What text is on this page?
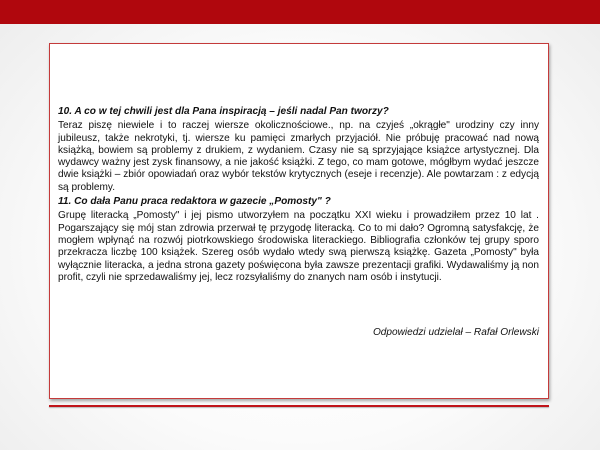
10. A co w tej chwili jest dla Pana inspiracją – jeśli nadal Pan tworzy?

Teraz piszę niewiele i to raczej wiersze okolicznościowe., np. na czyjeś „okrągłe" urodziny czy inny jubileusz, także nekrotyki, tj. wiersze ku pamięci zmarłych przyjaciół. Nie próbuję pracować nad nową książką, bowiem są problemy z drukiem, z wydaniem. Czasy nie są sprzyjające książce artystycznej. Dla wydawcy ważny jest zysk finansowy, a nie jakość książki. Z tego, co mam gotowe, mógłbym wydać jeszcze dwie książki – zbiór opowiadań oraz wybór tekstów krytycznych (eseje i recenzje). Ale powtarzam : z edycją są problemy.

11. Co dała Panu praca redaktora w gazecie „Pomosty" ?

Grupę literacką „Pomosty" i jej pismo utworzyłem na początku XXI wieku i prowadziłem przez 10 lat . Pogarszający się mój stan zdrowia przerwał tę przygodę literacką. Co to mi dało? Ogromną satysfakcję, że mogłem wpłynąć na rozwój piotrkowskiego środowiska literackiego. Bibliografia członków tej grupy sporo przekracza liczbę 100 książek. Szereg osób wydało wtedy swą pierwszą książkę. Gazeta „Pomosty" była wyłącznie literacka, a jedna strona gazety poświęcona była zawsze prezentacji grafiki. Wydawaliśmy ją non profit, czyli nie sprzedawaliśmy jej, lecz rozsyłaliśmy do znanych nam osób i instytucji.

Odpowiedzi udzielał – Rafał Orlewski
